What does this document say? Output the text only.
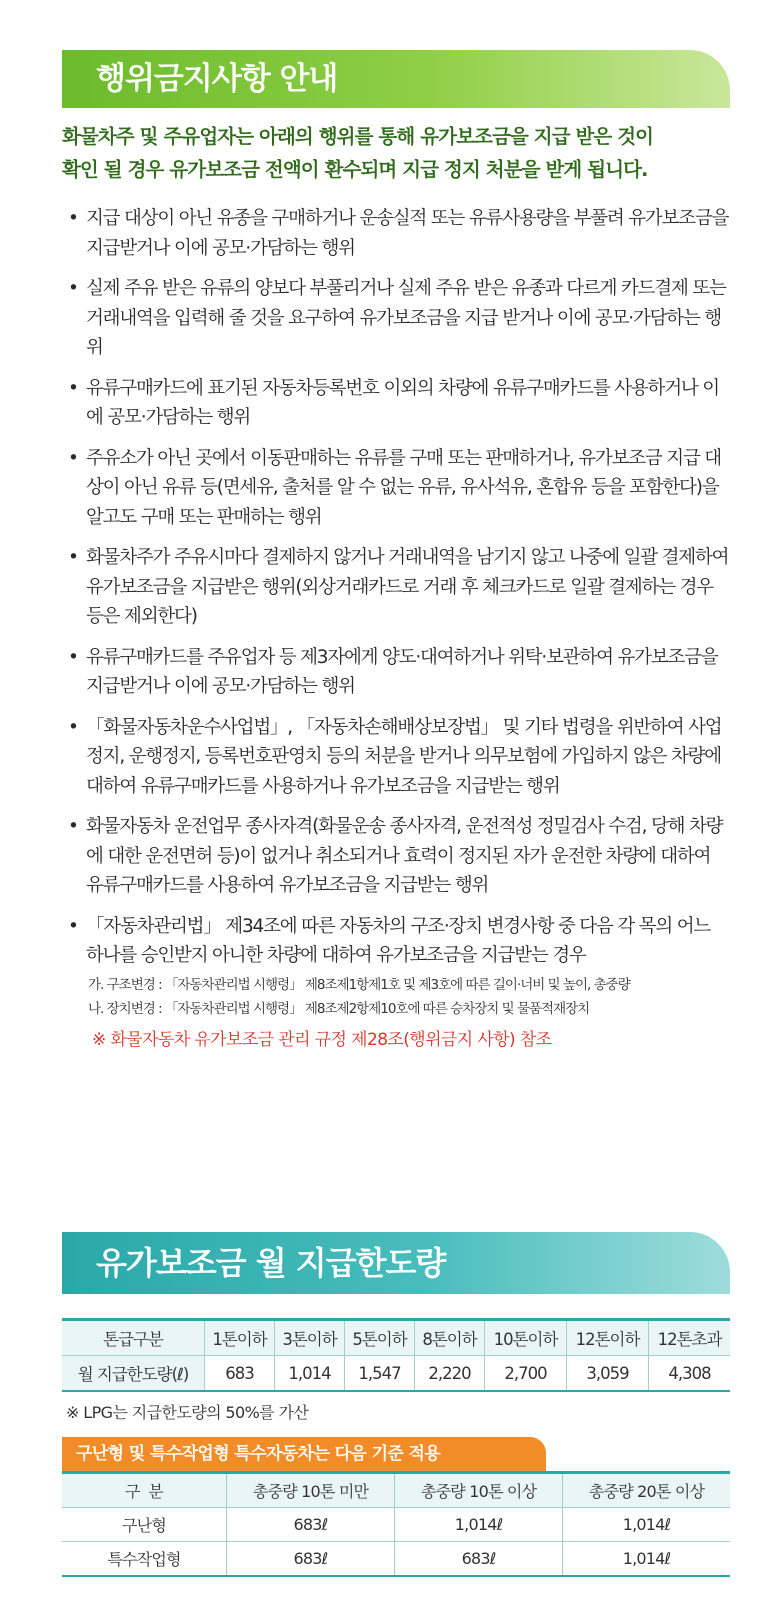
행위금지사항 안내
화물차주 및 주유업자는 아래의 행위를 통해 유가보조금을 지급 받은 것이
확인 될 경우 유가보조금 전액이 환수되며 지급 정지 처분을 받게 됩니다.
• 지급 대상이 아닌 유종을 구매하거나 운송실적 또는 유류사용량을 부풀려 유가보조금을 지급받거나 이에 공모·가담하는 행위
• 실제 주유 받은 유류의 양보다 부풀리거나 실제 주유 받은 유종과 다르게 카드결제 또는 거래내역을 입력해 줄 것을 요구하여 유가보조금을 지급 받거나 이에 공모·가담하는 행위
• 유류구매카드에 표기된 자동차등록번호 이외의 차량에 유류구매카드를 사용하거나 이에 공모·가담하는 행위
• 주유소가 아닌 곳에서 이동판매하는 유류를 구매 또는 판매하거나, 유가보조금 지급 대상이 아닌 유류 등(면세유, 출처를 알 수 없는 유류, 유사석유, 혼합유 등을 포함한다)을 알고도 구매 또는 판매하는 행위
• 화물차주가 주유시마다 결제하지 않거나 거래내역을 남기지 않고 나중에 일괄 결제하여 유가보조금을 지급받은 행위(외상거래카드로 거래 후 체크카드로 일괄 결제하는 경우 등은 제외한다)
• 유류구매카드를 주유업자 등 제3자에게 양도·대여하거나 위탁·보관하여 유가보조금을 지급받거나 이에 공모·가담하는 행위
• 「화물자동차운수사업법」, 「자동차손해배상보장법」 및 기타 법령을 위반하여 사업정지, 운행정지, 등록번호판영치 등의 처분을 받거나 의무보험에 가입하지 않은 차량에 대하여 유류구매카드를 사용하거나 유가보조금을 지급받는 행위
• 화물자동차 운전업무 종사자격(화물운송 종사자격, 운전적성 정밀검사 수검, 당해 차량에 대한 운전면허 등)이 없거나 취소되거나 효력이 정지된 자가 운전한 차량에 대하여 유류구매카드를 사용하여 유가보조금을 지급받는 행위
• 「자동차관리법」 제34조에 따른 자동차의 구조·장치 변경사항 중 다음 각 목의 어느 하나를 승인받지 아니한 차량에 대하여 유가보조금을 지급받는 경우
가. 구조변경 : 「자동차관리법 시행령」 제8조제1항제1호 및 제3호에 따른 길이·너비 및 높이, 총중량
나. 장치변경 : 「자동차관리법 시행령」 제8조제2항제10호에 따른 승차장치 및 물품적재장치
※ 화물자동차 유가보조금 관리 규정 제28조(행위금지 사항) 참조
유가보조금 월 지급한도량
톤급구분	1톤이하	3톤이하	5톤이하	8톤이하	10톤이하	12톤이하	12톤초과
월 지급한도량(ℓ)	683	1,014	1,547	2,220	2,700	3,059	4,308
※ LPG는 지급한도량의 50%를 가산
구난형 및 특수작업형 특수자동차는 다음 기준 적용
구  분	총중량 10톤 미만	총중량 10톤 이상	총중량 20톤 이상
구난형	683ℓ	1,014ℓ	1,014ℓ
특수작업형	683ℓ	683ℓ	1,014ℓ
